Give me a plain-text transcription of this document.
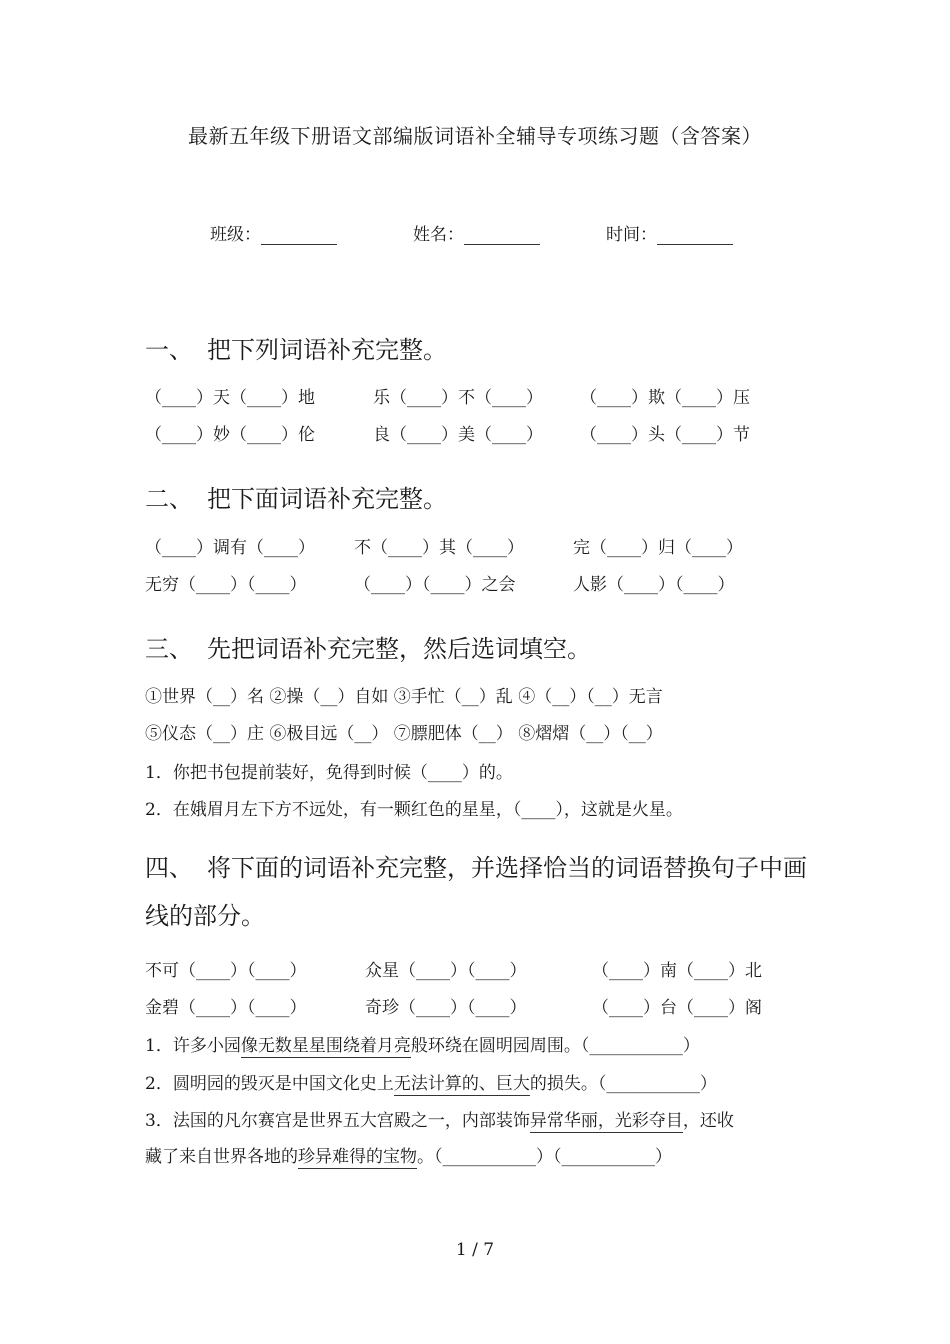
最新五年级下册语文部编版词语补全辅导专项练习题（含答案）
班级：	姓名：	时间：
一、 把下列词语补充完整。
（____）天（____）地	乐（____）不（____） （____）欺（____）压
（____）妙（____）伦	良（____）美（____） （____）头（____）节
二、 把下面词语补充完整。
（____）调有（____） 不（____）其（____）	完（____）归（____）
无穷（____）（____）	（____）（____）之会	人影（____）（____）
三、 先把词语补充完整，然后选词填空。
①世界（__）名 ②操（__）自如 ③手忙（__）乱 ④（__）（__）无言
⑤仪态（__）庄 ⑥极目远（__） ⑦膘肥体（__） ⑧熠熠（__）（__）
1．你把书包提前装好，免得到时候（____）的。
2．在娥眉月左下方不远处，有一颗红色的星星，（____），这就是火星。
四、 将下面的词语补充完整，并选择恰当的词语替换句子中画线的部分。
不可（____）（____）	众星（____）（____）	（____）南（____）北
金碧（____）（____）	奇珍（____）（____）	（____）台（____）阁
1．许多小园像无数星星围绕着月亮般环绕在圆明园周围。（___________）
2．圆明园的毁灭是中国文化史上无法计算的、巨大的损失。（___________）
3．法国的凡尔赛宫是世界五大宫殿之一，内部装饰异常华丽，光彩夺目，还收
藏了来自世界各地的珍异难得的宝物。（___________）（___________）
1 / 7
